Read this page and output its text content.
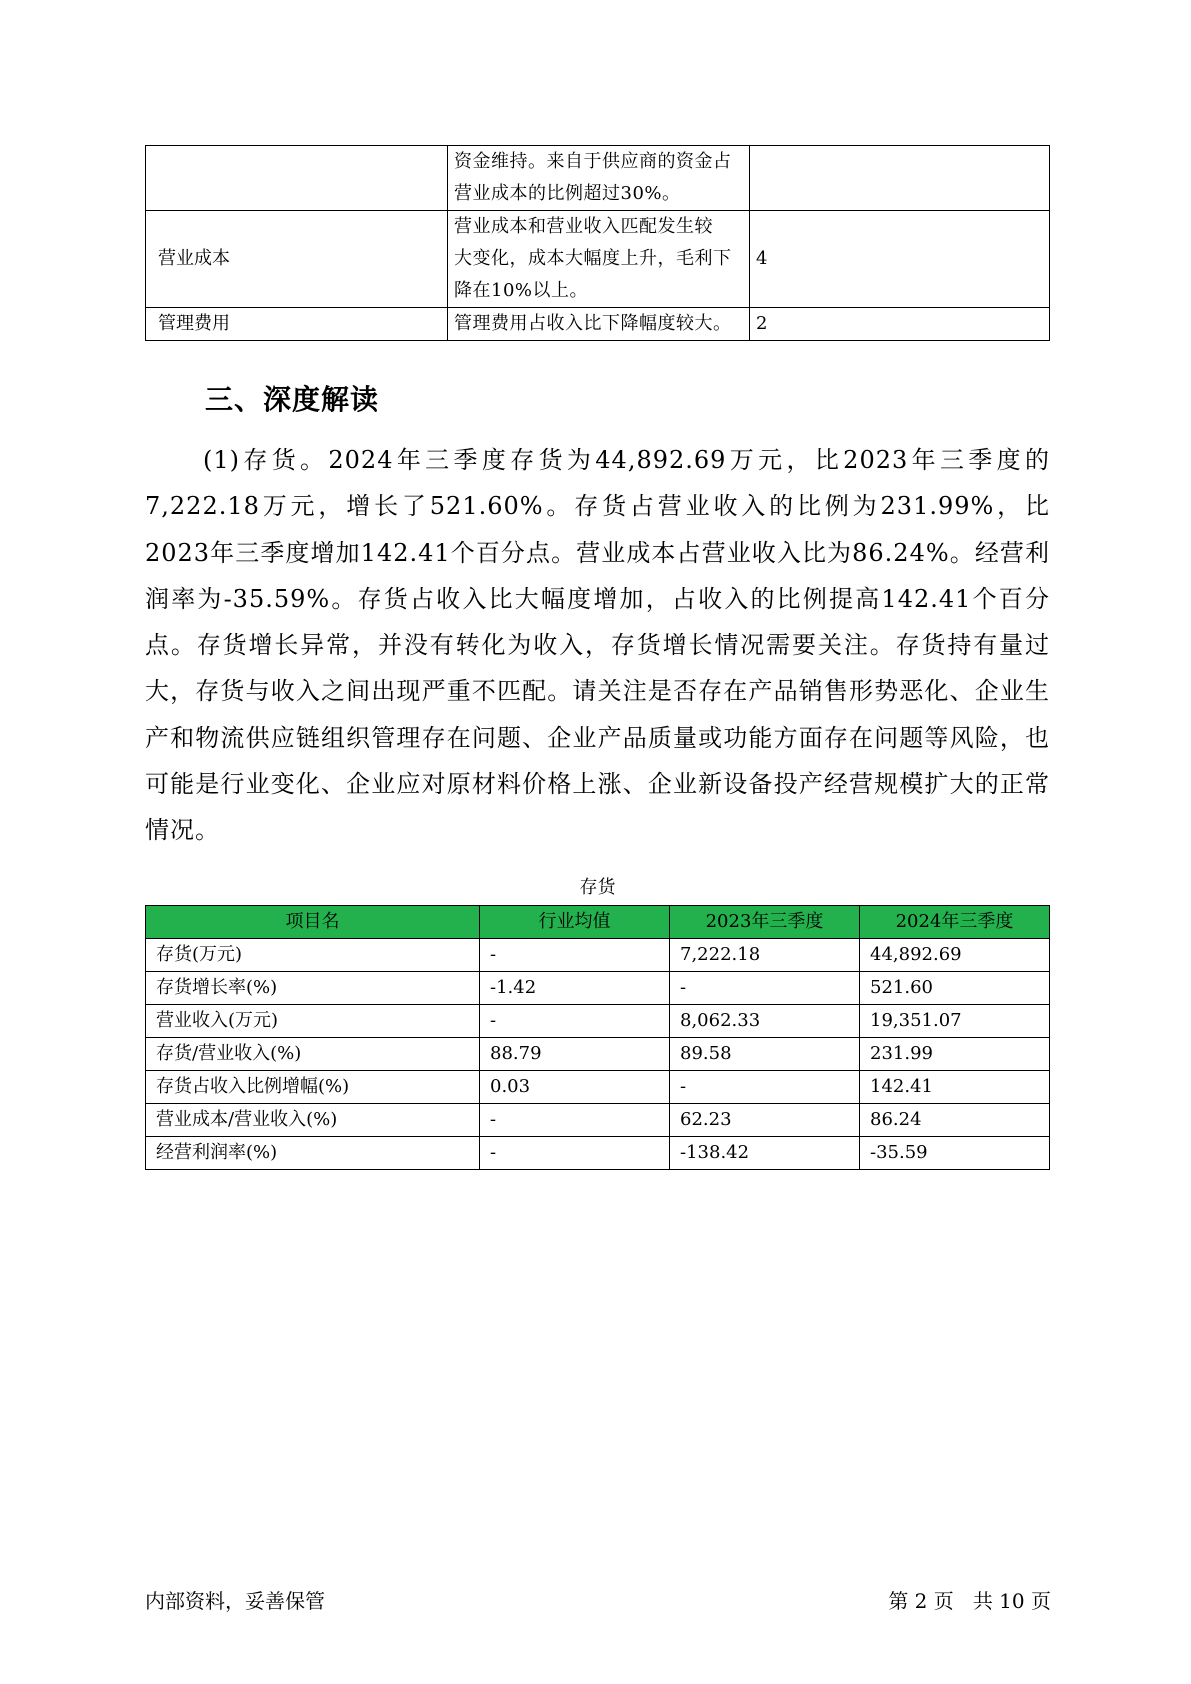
	资金维持。来自于供应商的资金占
营业成本的比例超过30%。	

营业成本	营业成本和营业收入匹配发生较
大变化，成本大幅度上升，毛利下
降在10%以上。	4
管理费用	管理费用占收入比下降幅度较大。	2
三、深度解读

(1)存货。2024年三季度存货为44,892.69万元，比2023年三季度的7,222.18万元，增长了521.60%。存货占营业收入的比例为231.99%，比2023年三季度增加142.41个百分点。营业成本占营业收入比为86.24%。经营利润率为-35.59%。存货占收入比大幅度增加，占收入的比例提高142.41个百分点。存货增长异常，并没有转化为收入，存货增长情况需要关注。存货持有量过大，存货与收入之间出现严重不匹配。请关注是否存在产品销售形势恶化、企业生产和物流供应链组织管理存在问题、企业产品质量或功能方面存在问题等风险，也可能是行业变化、企业应对原材料价格上涨、企业新设备投产经营规模扩大的正常情况。

存货
项目名	行业均值	2023年三季度	2024年三季度
存货(万元)	-	7,222.18	44,892.69
存货增长率(%)	-1.42	-	521.60
营业收入(万元)	-	8,062.33	19,351.07
存货/营业收入(%)	88.79	89.58	231.99
存货占收入比例增幅(%)	0.03	-	142.41
营业成本/营业收入(%)	-	62.23	86.24
经营利润率(%)	-	-138.42	-35.59
内部资料，妥善保管	第 2 页   共 10 页
